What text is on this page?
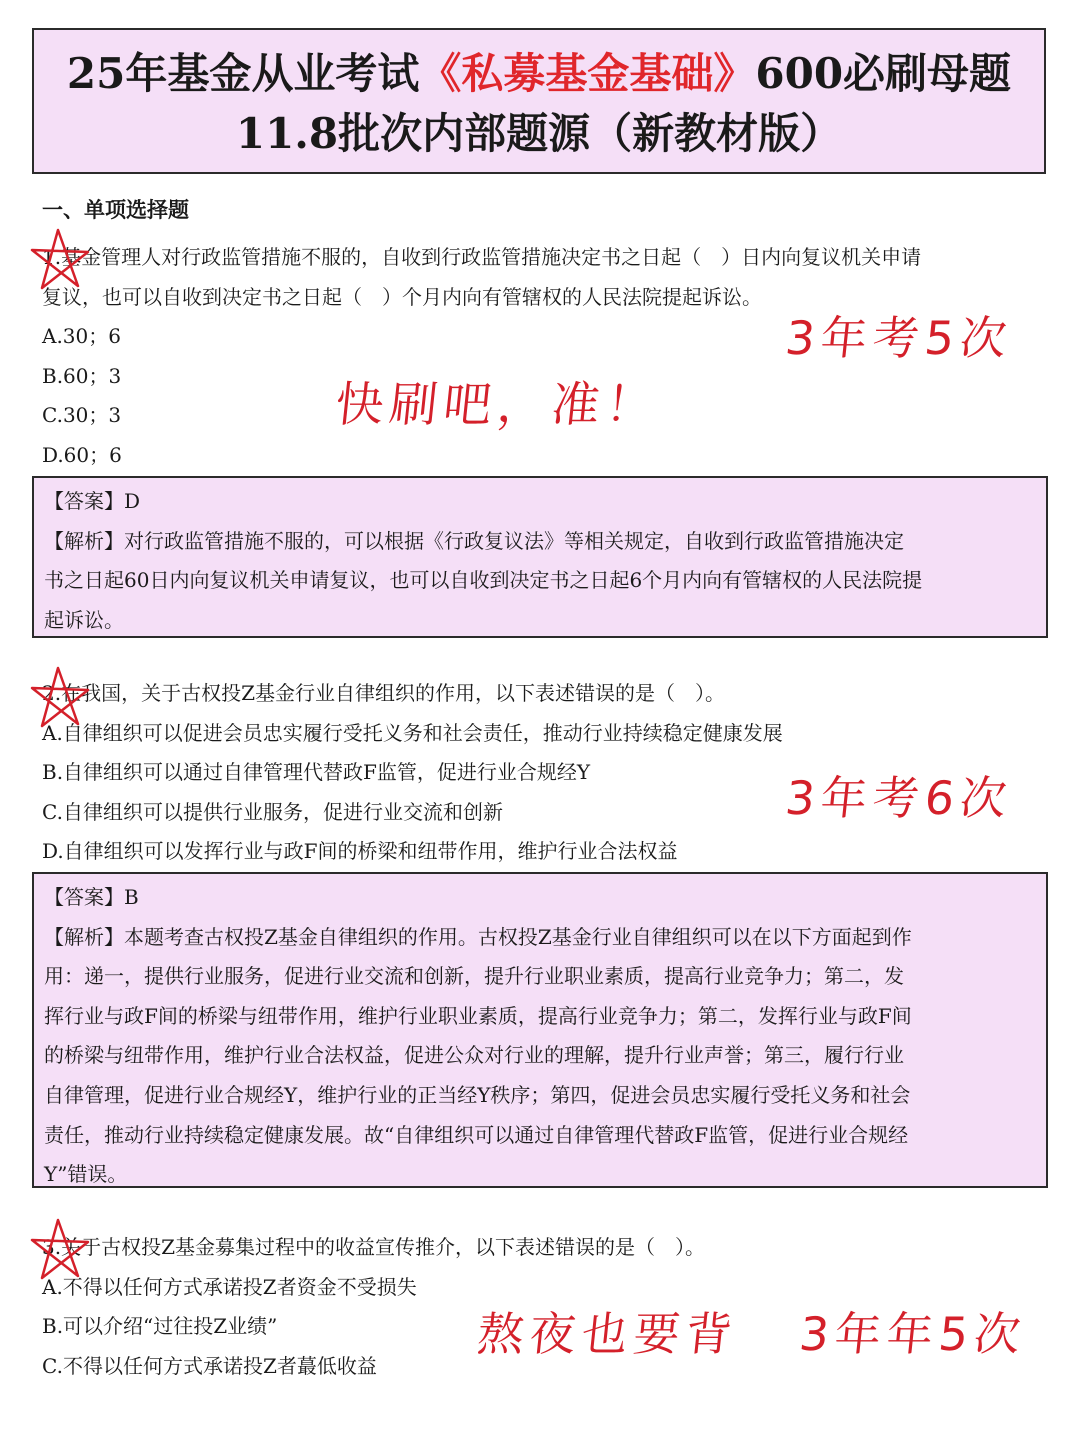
25年基金从业考试《私募基金基础》600必刷母题
11.8批次内部题源（新教材版）
一、单项选择题
1.基金管理人对行政监管措施不服的，自收到行政监管措施决定书之日起（　）日内向复议机关申请
复议，也可以自收到决定书之日起（　）个月内向有管辖权的人民法院提起诉讼。
A.30；6
B.60；3
C.30；3
D.60；6
【答案】D
【解析】对行政监管措施不服的，可以根据《行政复议法》等相关规定，自收到行政监管措施决定
书之日起60日内向复议机关申请复议，也可以自收到决定书之日起6个月内向有管辖权的人民法院提
起诉讼。
2.在我国，关于古权投Z基金行业自律组织的作用，以下表述错误的是（　）。
A.自律组织可以促进会员忠实履行受托义务和社会责任，推动行业持续稳定健康发展
B.自律组织可以通过自律管理代替政F监管，促进行业合规经Y
C.自律组织可以提供行业服务，促进行业交流和创新
D.自律组织可以发挥行业与政F间的桥梁和纽带作用，维护行业合法权益
【答案】B
【解析】本题考查古权投Z基金自律组织的作用。古权投Z基金行业自律组织可以在以下方面起到作
用：递一，提供行业服务，促进行业交流和创新，提升行业职业素质，提高行业竞争力；第二，发
挥行业与政F间的桥梁与纽带作用，维护行业职业素质，提高行业竞争力；第二，发挥行业与政F间
的桥梁与纽带作用，维护行业合法权益，促进公众对行业的理解，提升行业声誉；第三，履行行业
自律管理，促进行业合规经Y，维护行业的正当经Y秩序；第四，促进会员忠实履行受托义务和社会
责任，推动行业持续稳定健康发展。故“自律组织可以通过自律管理代替政F监管，促进行业合规经
Y”错误。
3.关于古权投Z基金募集过程中的收益宣传推介，以下表述错误的是（　）。
A.不得以任何方式承诺投Z者资金不受损失
B.可以介绍“过往投Z业绩”
C.不得以任何方式承诺投Z者蕞低收益
3年考5次
快刷吧，准！
3年考6次
熬夜也要背 3年年5次
